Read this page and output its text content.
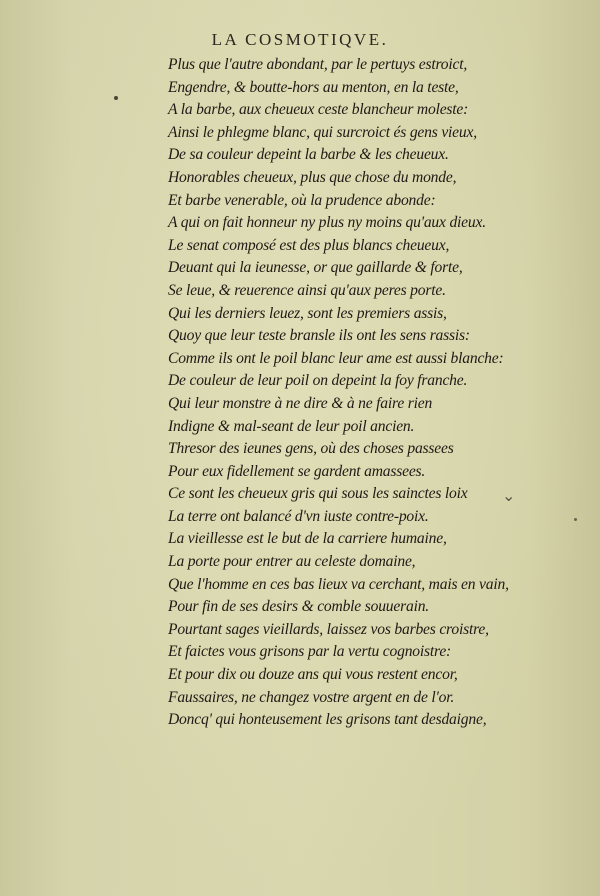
LA COSMOTIQVE.
⌄
Plus que l'autre abondant, par le pertuys estroict,
Engendre, & boutte-hors au menton, en la teste,
A la barbe, aux cheueux ceste blancheur moleste:
Ainsi le phlegme blanc, qui surcroict és gens vieux,
De sa couleur depeint la barbe & les cheueux.
Honorables cheueux, plus que chose du monde,
Et barbe venerable, où la prudence abonde:
A qui on fait honneur ny plus ny moins qu'aux dieux.
Le senat composé est des plus blancs cheueux,
Deuant qui la ieunesse, or que gaillarde & forte,
Se leue, & reuerence ainsi qu'aux peres porte.
Qui les derniers leuez, sont les premiers assis,
Quoy que leur teste bransle ils ont les sens rassis:
Comme ils ont le poil blanc leur ame est aussi blanche:
De couleur de leur poil on depeint la foy franche.
Qui leur monstre à ne dire & à ne faire rien
Indigne & mal-seant de leur poil ancien.
Thresor des ieunes gens, où des choses passees
Pour eux fidellement se gardent amassees.
Ce sont les cheueux gris qui sous les sainctes loix
La terre ont balancé d'vn iuste contre-poix.
La vieillesse est le but de la carriere humaine,
La porte pour entrer au celeste domaine,
Que l'homme en ces bas lieux va cerchant, mais en vain,
Pour fin de ses desirs & comble souuerain.
Pourtant sages vieillards, laissez vos barbes croistre,
Et faictes vous grisons par la vertu cognoistre:
Et pour dix ou douze ans qui vous restent encor,
Faussaires, ne changez vostre argent en de l'or.
Doncq' qui honteusement les grisons tant desdaigne,
